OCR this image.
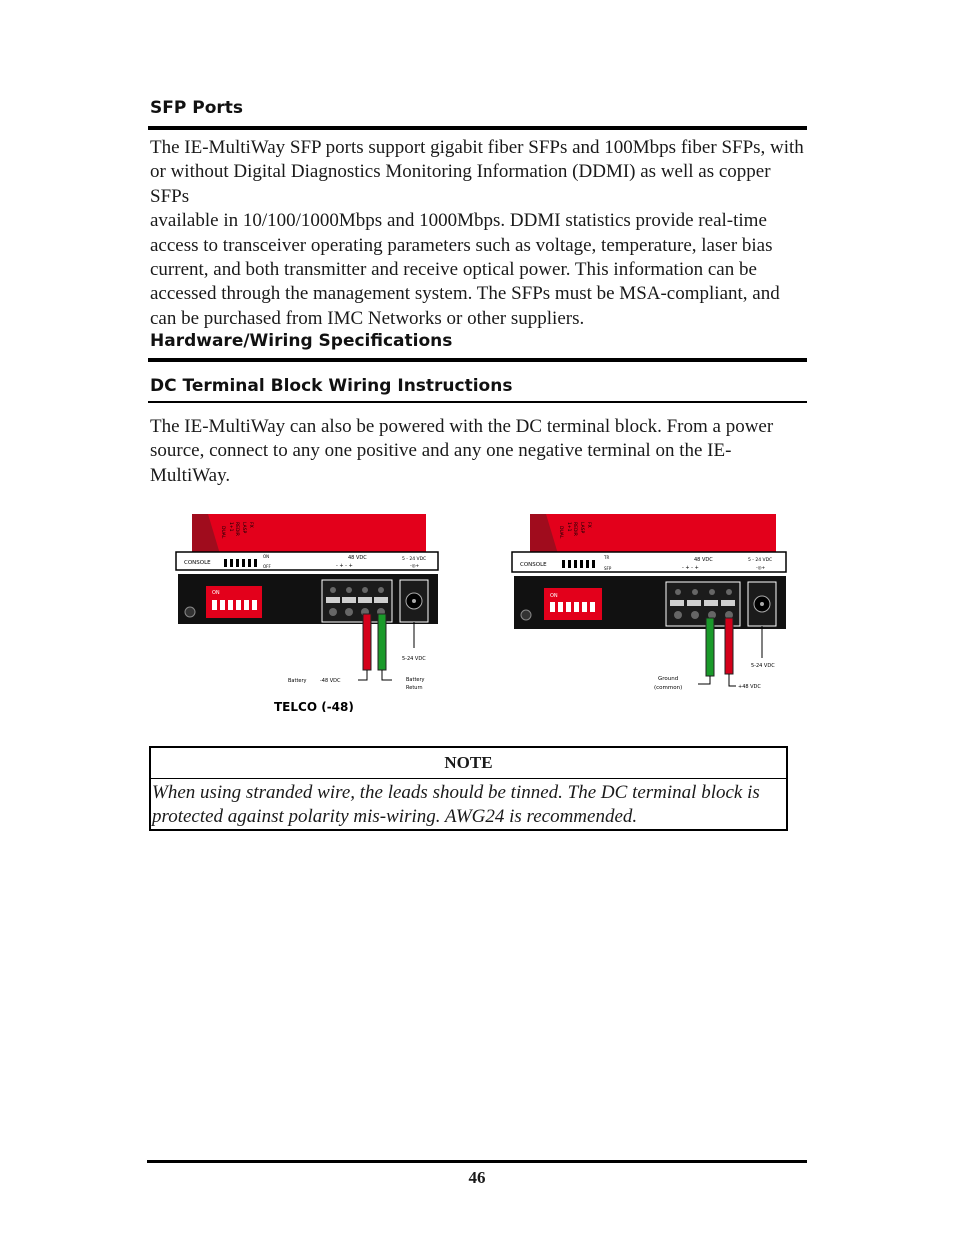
SFP Ports
The IE-MultiWay SFP ports support gigabit fiber SFPs and 100Mbps fiber SFPs, with
or without Digital Diagnostics Monitoring Information (DDMI) as well as copper SFPs
available in 10/100/1000Mbps and 1000Mbps. DDMI statistics provide real-time
access to transceiver operating parameters such as voltage, temperature, laser bias
current, and both transmitter and receive optical power. This information can be
accessed through the management system. The SFPs must be MSA-compliant, and
can be purchased from IMC Networks or other suppliers.
Hardware/Wiring Specifications
DC Terminal Block Wiring Instructions
The IE-MultiWay can also be powered with the DC terminal block. From a power
source, connect to any one positive and any one negative terminal on the IE-
MultiWay.
DUAL 1+1 REDIR LASP FX
CONSOLE
ON
OFF
48 VDC
- + - +
5 - 24 VDC
-◎+
ON
5-24 VDC
Battery	-48 VDC	Battery
Return
TELCO (-48)
DUAL 1+1 REDIR LASP FX
CONSOLE
TR
SFP
48 VDC
- + - +
5 - 24 VDC
-◎+
ON
5-24 VDC
Ground
(common)	+48 VDC
NOTE
When using stranded wire, the leads should be tinned. The DC terminal block is
protected against polarity mis-wiring. AWG24 is recommended.
46
